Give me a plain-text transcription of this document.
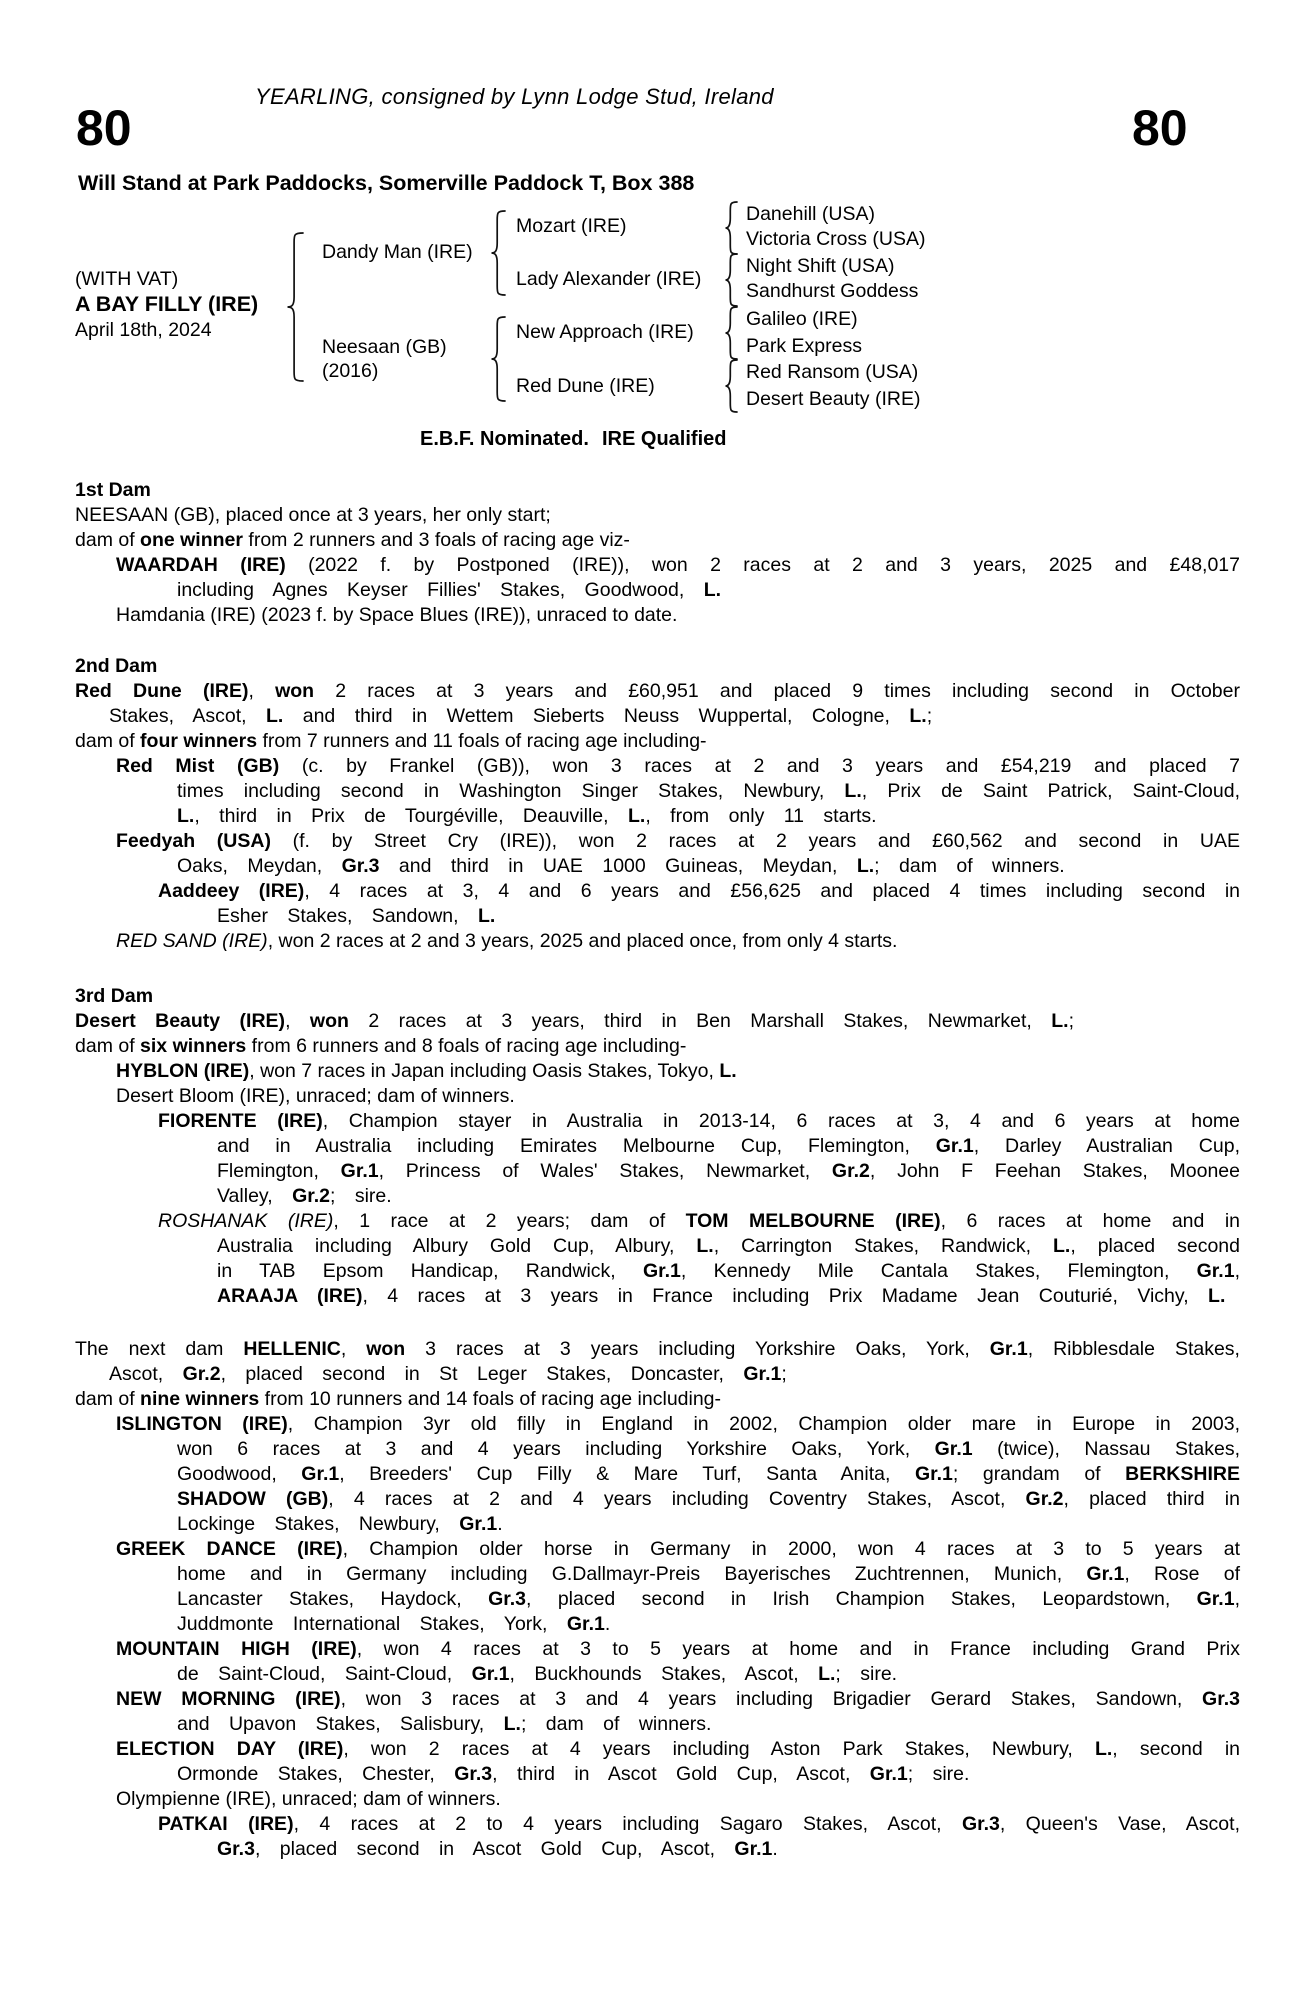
YEARLING, consigned by Lynn Lodge Stud, Ireland
80	80
Will Stand at Park Paddocks, Somerville Paddock T, Box 388
(WITH VAT)
A BAY FILLY (IRE)
April 18th, 2024
Dandy Man (IRE)
Neesaan (GB)
(2016)
Mozart (IRE)
Lady Alexander (IRE)
New Approach (IRE)
Red Dune (IRE)
Danehill (USA)
Victoria Cross (USA)
Night Shift (USA)
Sandhurst Goddess
Galileo (IRE)
Park Express
Red Ransom (USA)
Desert Beauty (IRE)
E.B.F. Nominated. IRE Qualified
1st Dam

NEESAAN (GB), placed once at 3 years, her only start;

dam of one winner from 2 runners and 3 foals of racing age viz-

WAARDAH (IRE) (2022 f. by Postponed (IRE)), won 2 races at 2 and 3 years, 2025 and £48,017 including Agnes Keyser Fillies' Stakes, Goodwood, L.

Hamdania (IRE) (2023 f. by Space Blues (IRE)), unraced to date.

2nd Dam

Red Dune (IRE), won 2 races at 3 years and £60,951 and placed 9 times including second in October Stakes, Ascot, L. and third in Wettem Sieberts Neuss Wuppertal, Cologne, L.;

dam of four winners from 7 runners and 11 foals of racing age including-

Red Mist (GB) (c. by Frankel (GB)), won 3 races at 2 and 3 years and £54,219 and placed 7 times including second in Washington Singer Stakes, Newbury, L., Prix de Saint Patrick, Saint-Cloud, L., third in Prix de Tourgéville, Deauville, L., from only 11 starts.

Feedyah (USA) (f. by Street Cry (IRE)), won 2 races at 2 years and £60,562 and second in UAE Oaks, Meydan, Gr.3 and third in UAE 1000 Guineas, Meydan, L.; dam of winners.

Aaddeey (IRE), 4 races at 3, 4 and 6 years and £56,625 and placed 4 times including second in Esher Stakes, Sandown, L.

RED SAND (IRE), won 2 races at 2 and 3 years, 2025 and placed once, from only 4 starts.

3rd Dam

Desert Beauty (IRE), won 2 races at 3 years, third in Ben Marshall Stakes, Newmarket, L.;

dam of six winners from 6 runners and 8 foals of racing age including-

HYBLON (IRE), won 7 races in Japan including Oasis Stakes, Tokyo, L.

Desert Bloom (IRE), unraced; dam of winners.

FIORENTE (IRE), Champion stayer in Australia in 2013-14, 6 races at 3, 4 and 6 years at home and in Australia including Emirates Melbourne Cup, Flemington, Gr.1, Darley Australian Cup, Flemington, Gr.1, Princess of Wales' Stakes, Newmarket, Gr.2, John F Feehan Stakes, Moonee Valley, Gr.2; sire.

ROSHANAK (IRE), 1 race at 2 years; dam of TOM MELBOURNE (IRE), 6 races at home and in Australia including Albury Gold Cup, Albury, L., Carrington Stakes, Randwick, L., placed second in TAB Epsom Handicap, Randwick, Gr.1, Kennedy Mile Cantala Stakes, Flemington, Gr.1, ARAAJA (IRE), 4 races at 3 years in France including Prix Madame Jean Couturié, Vichy, L.

The next dam HELLENIC, won 3 races at 3 years including Yorkshire Oaks, York, Gr.1, Ribblesdale Stakes, Ascot, Gr.2, placed second in St Leger Stakes, Doncaster, Gr.1;

dam of nine winners from 10 runners and 14 foals of racing age including-

ISLINGTON (IRE), Champion 3yr old filly in England in 2002, Champion older mare in Europe in 2003, won 6 races at 3 and 4 years including Yorkshire Oaks, York, Gr.1 (twice), Nassau Stakes, Goodwood, Gr.1, Breeders' Cup Filly & Mare Turf, Santa Anita, Gr.1; grandam of BERKSHIRE SHADOW (GB), 4 races at 2 and 4 years including Coventry Stakes, Ascot, Gr.2, placed third in Lockinge Stakes, Newbury, Gr.1.

GREEK DANCE (IRE), Champion older horse in Germany in 2000, won 4 races at 3 to 5 years at home and in Germany including G.Dallmayr-Preis Bayerisches Zuchtrennen, Munich, Gr.1, Rose of Lancaster Stakes, Haydock, Gr.3, placed second in Irish Champion Stakes, Leopardstown, Gr.1, Juddmonte International Stakes, York, Gr.1.

MOUNTAIN HIGH (IRE), won 4 races at 3 to 5 years at home and in France including Grand Prix de Saint-Cloud, Saint-Cloud, Gr.1, Buckhounds Stakes, Ascot, L.; sire.

NEW MORNING (IRE), won 3 races at 3 and 4 years including Brigadier Gerard Stakes, Sandown, Gr.3 and Upavon Stakes, Salisbury, L.; dam of winners.

ELECTION DAY (IRE), won 2 races at 4 years including Aston Park Stakes, Newbury, L., second in Ormonde Stakes, Chester, Gr.3, third in Ascot Gold Cup, Ascot, Gr.1; sire.

Olympienne (IRE), unraced; dam of winners.

PATKAI (IRE), 4 races at 2 to 4 years including Sagaro Stakes, Ascot, Gr.3, Queen's Vase, Ascot, Gr.3, placed second in Ascot Gold Cup, Ascot, Gr.1.
